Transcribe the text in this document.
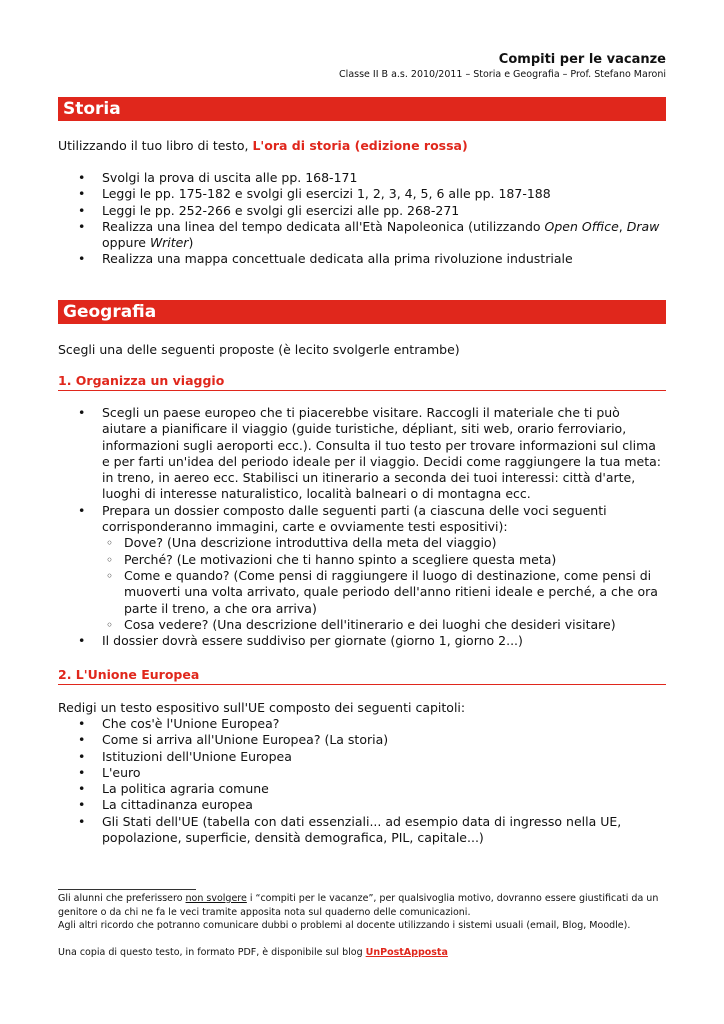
Compiti per le vacanze
Classe II B a.s. 2010/2011 – Storia e Geografia – Prof. Stefano Maroni
Storia
Utilizzando il tuo libro di testo, L'ora di storia (edizione rossa)
• Svolgi la prova di uscita alle pp. 168-171
• Leggi le pp. 175-182 e svolgi gli esercizi 1, 2, 3, 4, 5, 6 alle pp. 187-188
• Leggi le pp. 252-266 e svolgi gli esercizi alle pp. 268-271
• Realizza una linea del tempo dedicata all'Età Napoleonica (utilizzando Open Office, Draw oppure Writer)
• Realizza una mappa concettuale dedicata alla prima rivoluzione industriale
Geografia
Scegli una delle seguenti proposte (è lecito svolgerle entrambe)
1. Organizza un viaggio
• Scegli un paese europeo che ti piacerebbe visitare. Raccogli il materiale che ti può aiutare a pianificare il viaggio (guide turistiche, dépliant, siti web, orario ferroviario, informazioni sugli aeroporti ecc.). Consulta il tuo testo per trovare informazioni sul clima e per farti un'idea del periodo ideale per il viaggio. Decidi come raggiungere la tua meta: in treno, in aereo ecc. Stabilisci un itinerario a seconda dei tuoi interessi: città d'arte, luoghi di interesse naturalistico, località balneari o di montagna ecc.
• Prepara un dossier composto dalle seguenti parti (a ciascuna delle voci seguenti corrisponderanno immagini, carte e ovviamente testi espositivi):
◦ Dove? (Una descrizione introduttiva della meta del viaggio)
◦ Perché? (Le motivazioni che ti hanno spinto a scegliere questa meta)
◦ Come e quando? (Come pensi di raggiungere il luogo di destinazione, come pensi di muoverti una volta arrivato, quale periodo dell'anno ritieni ideale e perché, a che ora parte il treno, a che ora arriva)
◦ Cosa vedere? (Una descrizione dell'itinerario e dei luoghi che desideri visitare)
• Il dossier dovrà essere suddiviso per giornate (giorno 1, giorno 2...)
2. L'Unione Europea
Redigi un testo espositivo sull'UE composto dei seguenti capitoli:
• Che cos'è l'Unione Europea?
• Come si arriva all'Unione Europea? (La storia)
• Istituzioni dell'Unione Europea
• L'euro
• La politica agraria comune
• La cittadinanza europea
• Gli Stati dell'UE (tabella con dati essenziali... ad esempio data di ingresso nella UE, popolazione, superficie, densità demografica, PIL, capitale...)
Gli alunni che preferissero non svolgere i “compiti per le vacanze”, per qualsivoglia motivo, dovranno essere giustificati da un genitore o da chi ne fa le veci tramite apposita nota sul quaderno delle comunicazioni.
Agli altri ricordo che potranno comunicare dubbi o problemi al docente utilizzando i sistemi usuali (email, Blog, Moodle).
Una copia di questo testo, in formato PDF, è disponibile sul blog UnPostApposta
